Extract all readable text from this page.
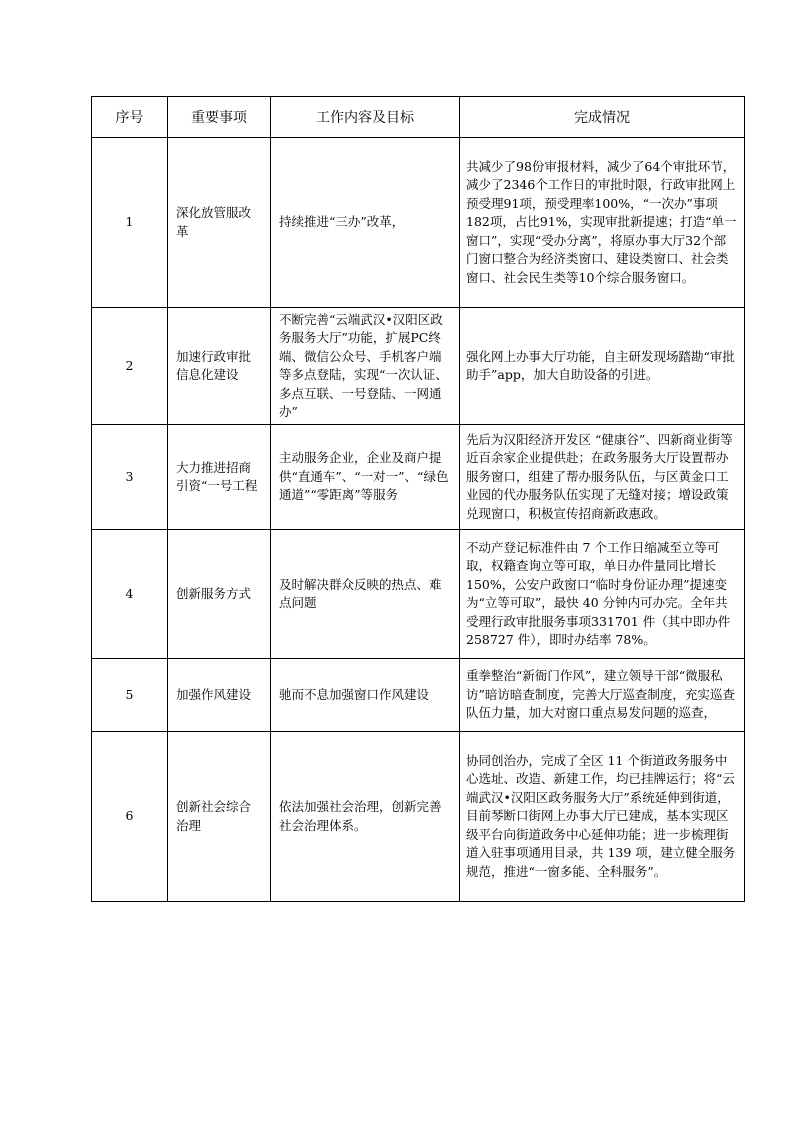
序号	重要事项	工作内容及目标	完成情况
1	深化放管服改革	持续推进“三办”改革，	共减少了98份审报材料，减少了64个审批环节，减少了2346个工作日的审批时限，行政审批网上预受理91项，预受理率100%，“一次办”事项182项，占比91%，实现审批新提速；打造“单一窗口”，实现“受办分离”，将原办事大厅32个部门窗口整合为经济类窗口、建设类窗口、社会类窗口、社会民生类等10个综合服务窗口。
2	加速行政审批信息化建设	不断完善“云端武汉•汉阳区政务服务大厅”功能，扩展PC终端、微信公众号、手机客户端等多点登陆，实现“一次认证、多点互联、一号登陆、一网通办”	强化网上办事大厅功能，自主研发现场踏勘“审批助手”app，加大自助设备的引进。
3	大力推进招商引资“一号工程	主动服务企业，企业及商户提供“直通车”、“一对一”、“绿色通道”“零距离”等服务	先后为汉阳经济开发区 “健康谷”、四新商业街等近百余家企业提供赴；在政务服务大厅设置帮办服务窗口，组建了帮办服务队伍，与区黄金口工业园的代办服务队伍实现了无缝对接；增设政策兑现窗口，积极宣传招商新政惠政。
4	创新服务方式	及时解决群众反映的热点、难点问题	不动产登记标准件由 7 个工作日缩减至立等可取，权籍查询立等可取，单日办件量同比增长 150%，公安户政窗口“临时身份证办理”提速变为“立等可取”，最快 40 分钟内可办完。全年共受理行政审批服务事项331701 件（其中即办件 258727 件），即时办结率 78%。
5	加强作风建设	驰而不息加强窗口作风建设	重拳整治“新衙门作风”，建立领导干部“微服私访”暗访暗查制度，完善大厅巡查制度，充实巡查队伍力量，加大对窗口重点易发问题的巡查，
6	创新社会综合治理	依法加强社会治理，创新完善社会治理体系。	协同创治办，完成了全区 11 个街道政务服务中心选址、改造、新建工作，均已挂牌运行；将“云端武汉•汉阳区政务服务大厅”系统延伸到街道，目前琴断口街网上办事大厅已建成，基本实现区级平台向街道政务中心延伸功能；进一步梳理街道入驻事项通用目录，共 139 项，建立健全服务规范，推进“一窗多能、全科服务”。
